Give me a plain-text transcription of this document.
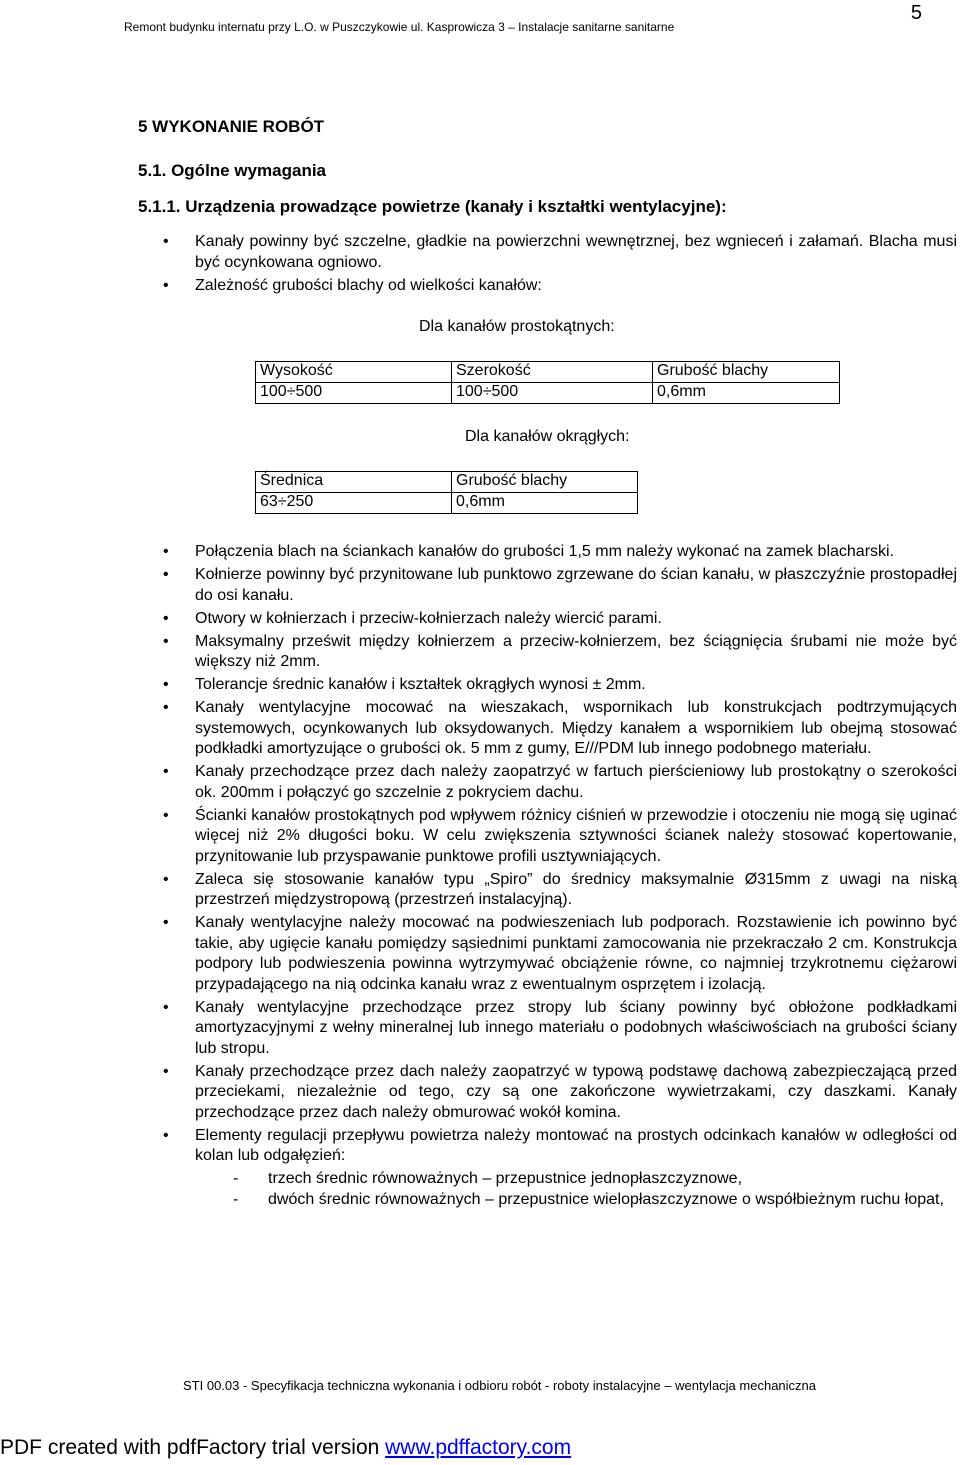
5
Remont budynku internatu przy L.O. w Puszczykowie ul. Kasprowicza 3 – Instalacje sanitarne sanitarne
5 WYKONANIE ROBÓT
5.1. Ogólne wymagania
5.1.1. Urządzenia prowadzące powietrze (kanały i kształtki wentylacyjne):
• Kanały powinny być szczelne, gładkie na powierzchni wewnętrznej, bez wgnieceń i załamań. Blacha musi być ocynkowana ogniowo.
• Zależność grubości blachy od wielkości kanałów:
Dla kanałów prostokątnych:
Wysokość	Szerokość	Grubość blachy
100÷500	100÷500	0,6mm
Dla kanałów okrągłych:
Średnica	Grubość blachy
63÷250	0,6mm
• Połączenia blach na ściankach kanałów do grubości 1,5 mm należy wykonać na zamek blacharski.
• Kołnierze powinny być przynitowane lub punktowo zgrzewane do ścian kanału, w płaszczyźnie prostopadłej do osi kanału.
• Otwory w kołnierzach i przeciw-kołnierzach należy wiercić parami.
• Maksymalny prześwit między kołnierzem a przeciw-kołnierzem, bez ściągnięcia śrubami nie może być większy niż 2mm.
• Tolerancje średnic kanałów i kształtek okrągłych wynosi ± 2mm.
• Kanały wentylacyjne mocować na wieszakach, wspornikach lub konstrukcjach podtrzymujących systemowych, ocynkowanych lub oksydowanych. Między kanałem a wspornikiem lub obejmą stosować podkładki amortyzujące o grubości ok. 5 mm z gumy, E///PDM lub innego podobnego materiału.
• Kanały przechodzące przez dach należy zaopatrzyć w fartuch pierścieniowy lub prostokątny o szerokości ok. 200mm i połączyć go szczelnie z pokryciem dachu.
• Ścianki kanałów prostokątnych pod wpływem różnicy ciśnień w przewodzie i otoczeniu nie mogą się uginać więcej niż 2% długości boku. W celu zwiększenia sztywności ścianek należy stosować kopertowanie, przynitowanie lub przyspawanie punktowe profili usztywniających.
• Zaleca się stosowanie kanałów typu „Spiro” do średnicy maksymalnie Ø315mm z uwagi na niską przestrzeń międzystropową (przestrzeń instalacyjną).
• Kanały wentylacyjne należy mocować na podwieszeniach lub podporach. Rozstawienie ich powinno być takie, aby ugięcie kanału pomiędzy sąsiednimi punktami zamocowania nie przekraczało 2 cm. Konstrukcja podpory lub podwieszenia powinna wytrzymywać obciążenie równe, co najmniej trzykrotnemu ciężarowi przypadającego na nią odcinka kanału wraz z ewentualnym osprzętem i izolacją.
• Kanały wentylacyjne przechodzące przez stropy lub ściany powinny być obłożone podkładkami amortyzacyjnymi z wełny mineralnej lub innego materiału o podobnych właściwościach na grubości ściany lub stropu.
• Kanały przechodzące przez dach należy zaopatrzyć w typową podstawę dachową zabezpieczającą przed przeciekami, niezależnie od tego, czy są one zakończone wywietrzakami, czy daszkami. Kanały przechodzące przez dach należy obmurować wokół komina.
• Elementy regulacji przepływu powietrza należy montować na prostych odcinkach kanałów w odległości od kolan lub odgałęzień:
-	trzech średnic równoważnych – przepustnice jednopłaszczyznowe,
-	dwóch średnic równoważnych – przepustnice wielopłaszczyznowe o współbieżnym ruchu łopat,
STI 00.03 - Specyfikacja techniczna wykonania i odbioru robót - roboty instalacyjne – wentylacja mechaniczna
PDF created with pdfFactory trial version www.pdffactory.com
